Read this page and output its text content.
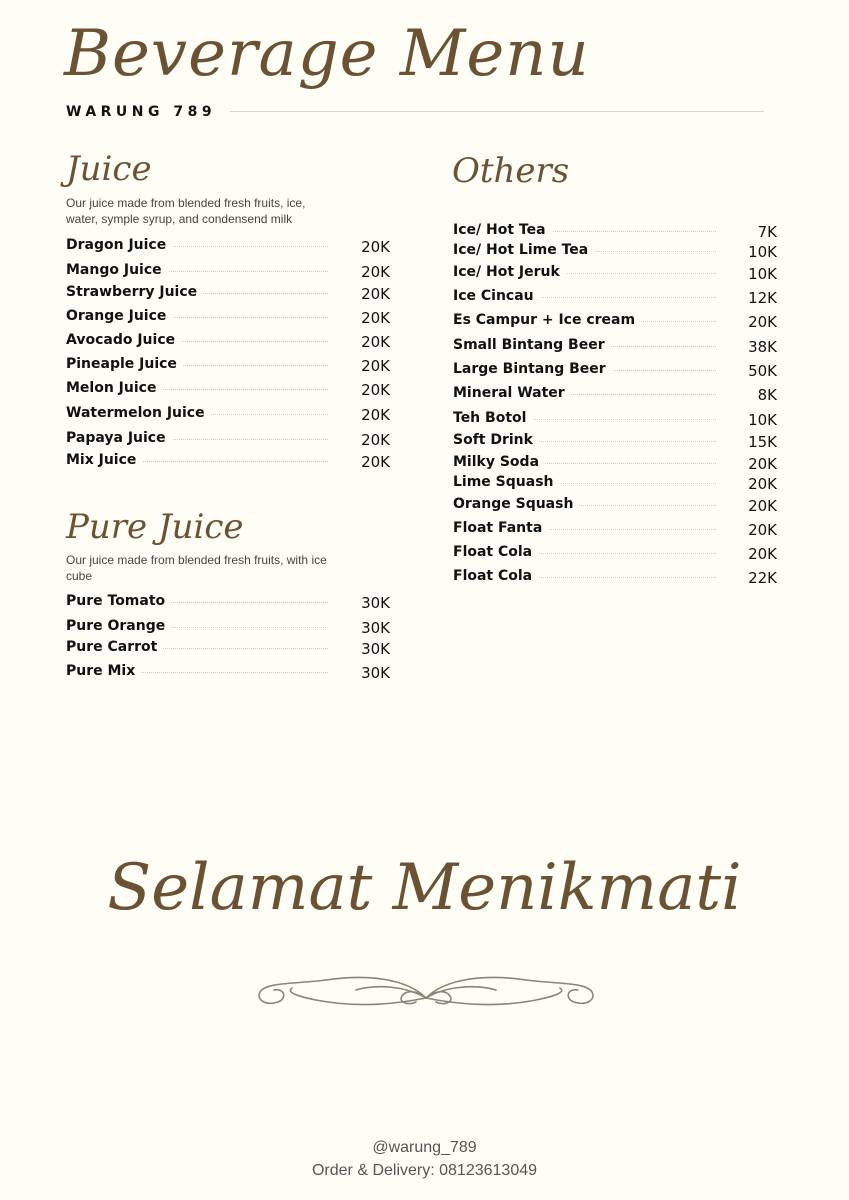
Beverage Menu
WARUNG 789
Juice
Our juice made from blended fresh fruits, ice, water, symple syrup, and condensend milk
Dragon Juice	20K
Mango Juice	20K
Strawberry Juice	20K
Orange Juice	20K
Avocado Juice	20K
Pineaple Juice	20K
Melon Juice	20K
Watermelon Juice	20K
Papaya Juice	20K
Mix Juice	20K
Pure Juice
Our juice made from blended fresh fruits, with ice cube
Pure Tomato	30K
Pure Orange	30K
Pure Carrot	30K
Pure Mix	30K
Others
Ice/ Hot Tea	7K
Ice/ Hot Lime Tea	10K
Ice/ Hot Jeruk	10K
Ice Cincau	12K
Es Campur + Ice cream	20K
Small Bintang Beer	38K
Large Bintang Beer	50K
Mineral Water	8K
Teh Botol	10K
Soft Drink	15K
Milky Soda	20K
Lime Squash	20K
Orange Squash	20K
Float Fanta	20K
Float Cola	20K
Float Cola	22K
Selamat Menikmati
@warung_789
Order & Delivery: 08123613049
